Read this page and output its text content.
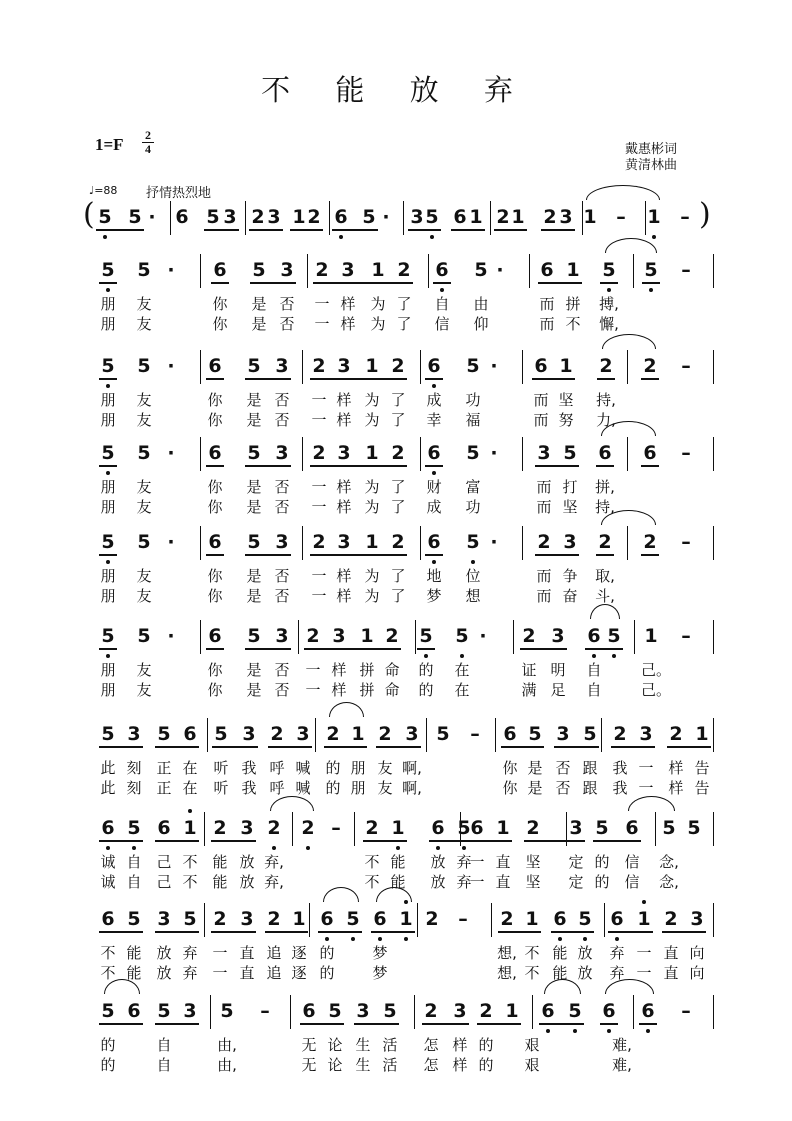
不 能 放 弃
1=F 2
4	戴惠彬词
黄清林曲
♩=88 抒情热烈地
5 5 ·	6 5 3 2 3 1 2 6 5 ·	3 5 6 1 2 1 2 3 1 – 1 –
(	)
5 5 ·	6 5 3 2 3 1 2 6 5 ·	6 1 5 5 –
朋 友	你 是 否 一 样 为 了 自 由	而 拼 搏,
朋 友	你 是 否 一 样 为 了 信 仰	而 不 懈,
5 5 ·	6 5 3 2 3 1 2 6 5 ·	6 1 2 2 –
朋 友	你 是 否 一 样 为 了 成 功	而 坚 持,
朋 友	你 是 否 一 样 为 了 幸 福	而 努 力,
5 5 ·	6 5 3 2 3 1 2 6 5 ·	3 5 6 6 –
朋 友	你 是 否 一 样 为 了 财 富	而 打 拼,
朋 友	你 是 否 一 样 为 了 成 功	而 坚 持,
5 5 ·	6 5 3 2 3 1 2 6 5 ·	2 3 2 2 –
朋 友	你 是 否 一 样 为 了 地 位	而 争 取,
朋 友	你 是 否 一 样 为 了 梦 想	而 奋 斗,
5 5 ·	6 5 3 2 3 1 2 5 5 ·	2 3 6 5 1 –
朋 友	你 是 否 一 样 拼 命 的 在	证 明 自	己。
朋 友	你 是 否 一 样 拼 命 的 在	满 足 自	己。
5 3 5 6 5 3 2 3 2 1 2 3 5 – 6 5 3 5 2 3 2 1
此 刻 正 在 听 我 呼 喊 的 朋 友 啊,	你 是 否 跟 我 一 样 告
此 刻 正 在 听 我 呼 喊 的 朋 友 啊,	你 是 否 跟 我 一 样 告
6 5 6 1 2 3 2 2 – 2 1 6 5 6 1 2 3 5 6 5 5
诚 自 己 不 能 放 弃,	不 能 放 弃
一 直 坚 定 的 信 念,
诚 自 己 不 能 放 弃,	不 能 放 弃
一 直 坚 定 的 信 念,
6 5 3 5 2 3 2 1 6 5 6 1 2 – 2 1 6 5 6 1 2 3
不 能 放 弃 一 直 追 逐 的	梦	想, 不 能 放 弃 一 直 向
不 能 放 弃 一 直 追 逐 的	梦	想, 不 能 放 弃 一 直 向
5 6 5 3 5 – 6 5 3 5 2 3 2 1 6 5 6 6 –
的	自	由,	无 论 生 活 怎 样 的 艰	难,
的	自	由,	无 论 生 活 怎 样 的 艰	难,
